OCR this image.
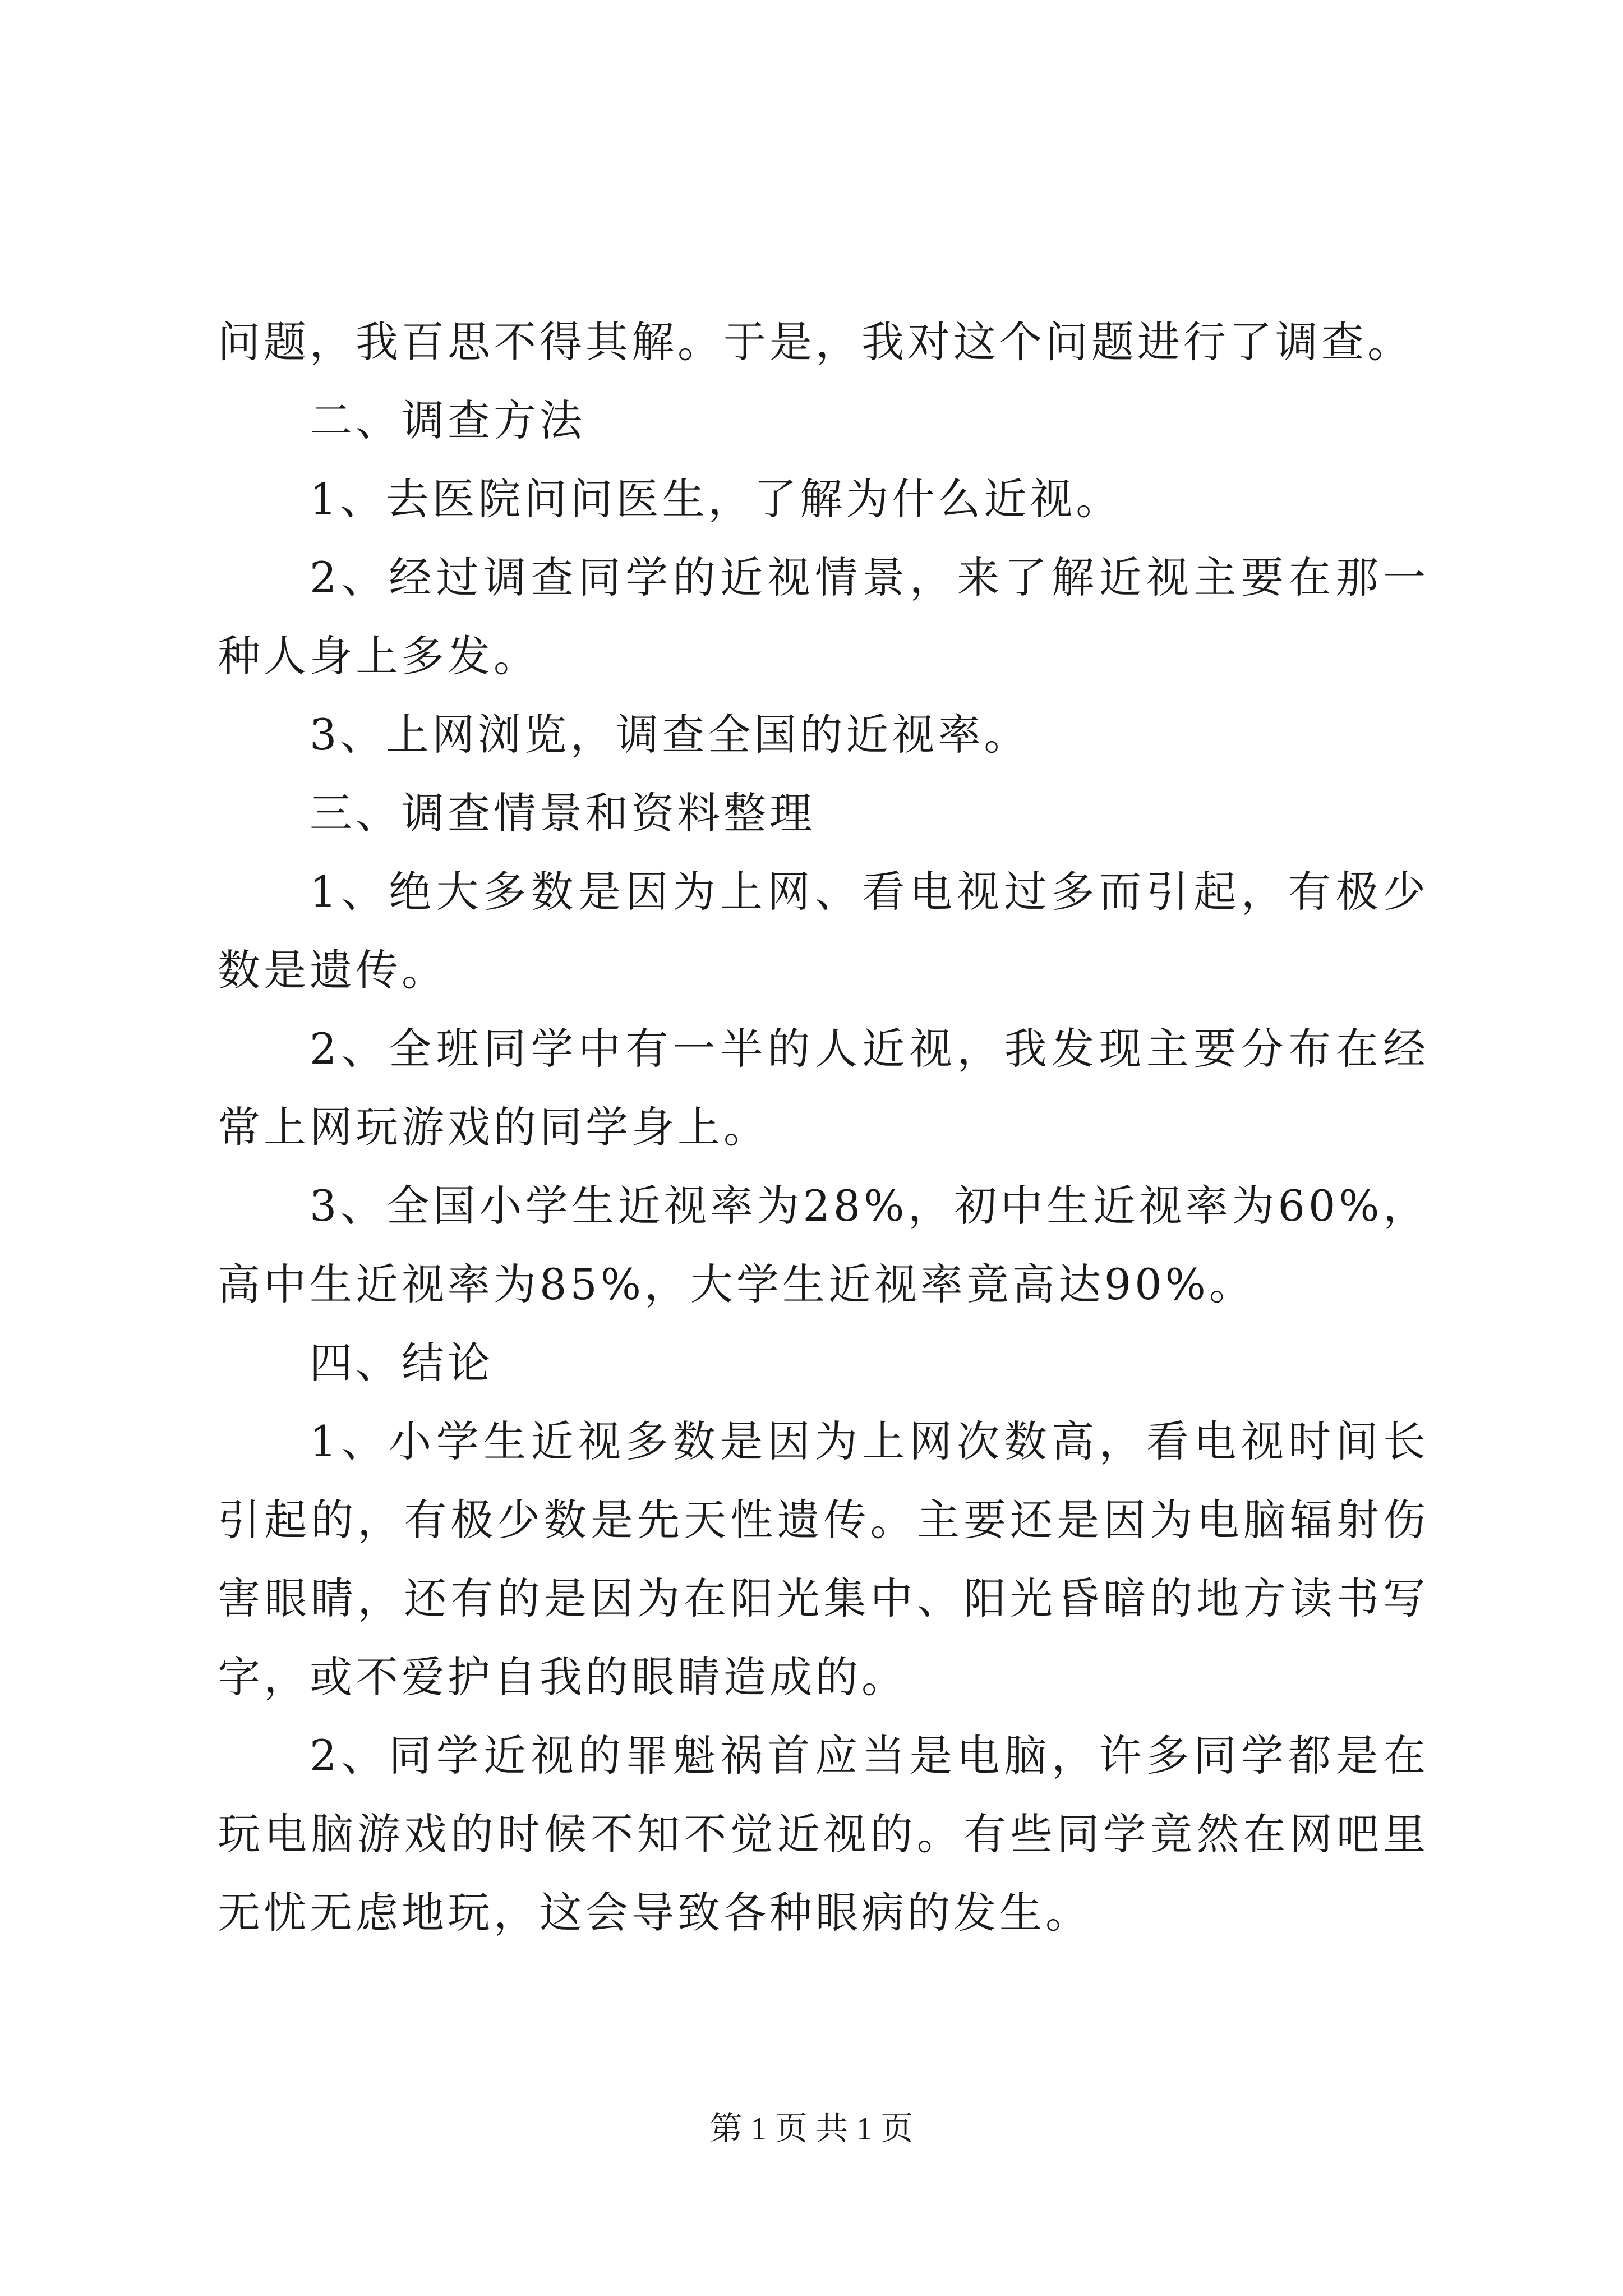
问题，我百思不得其解。于是，我对这个问题进行了调查。

二、调查方法

1、去医院问问医生，了解为什么近视。

2、经过调查同学的近视情景，来了解近视主要在那一种人身上多发。

3、上网浏览，调查全国的近视率。

三、调查情景和资料整理

1、绝大多数是因为上网、看电视过多而引起，有极少数是遗传。

2、全班同学中有一半的人近视，我发现主要分布在经常上网玩游戏的同学身上。

3、全国小学生近视率为28%，初中生近视率为60%，高中生近视率为85%，大学生近视率竟高达90%。

四、结论

1、小学生近视多数是因为上网次数高，看电视时间长引起的，有极少数是先天性遗传。主要还是因为电脑辐射伤害眼睛，还有的是因为在阳光集中、阳光昏暗的地方读书写字，或不爱护自我的眼睛造成的。

2、同学近视的罪魁祸首应当是电脑，许多同学都是在玩电脑游戏的时候不知不觉近视的。有些同学竟然在网吧里无忧无虑地玩，这会导致各种眼病的发生。

第 1 页 共 1 页
